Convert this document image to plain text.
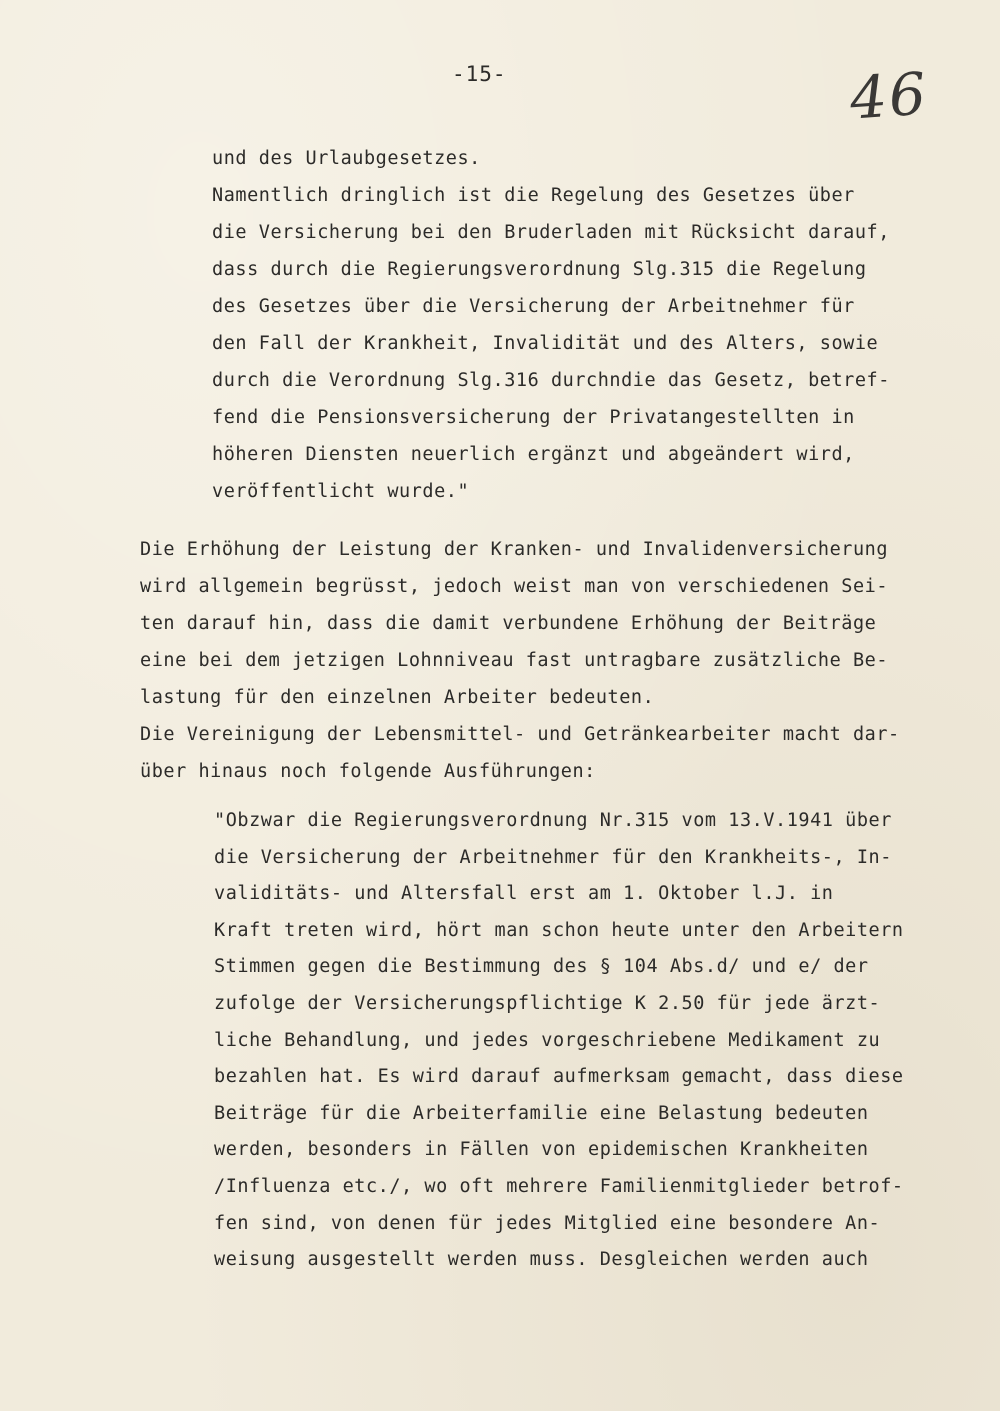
-15-	46
und des Urlaubgesetzes.
Namentlich dringlich ist die Regelung des Gesetzes über
die Versicherung bei den Bruderladen mit Rücksicht darauf,
dass durch die Regierungsverordnung Slg.315 die Regelung
des Gesetzes über die Versicherung der Arbeitnehmer für
den Fall der Krankheit, Invalidität und des Alters, sowie
durch die Verordnung Slg.316 durchndie das Gesetz, betref-
fend die Pensionsversicherung der Privatangestellten in
höheren Diensten neuerlich ergänzt und abgeändert wird,
veröffentlicht wurde."
Die Erhöhung der Leistung der Kranken- und Invalidenversicherung
wird allgemein begrüsst, jedoch weist man von verschiedenen Sei-
ten darauf hin, dass die damit verbundene Erhöhung der Beiträge
eine bei dem jetzigen Lohnniveau fast untragbare zusätzliche Be-
lastung für den einzelnen Arbeiter bedeuten.
Die Vereinigung der Lebensmittel- und Getränkearbeiter macht dar-
über hinaus noch folgende Ausführungen:
"Obzwar die Regierungsverordnung Nr.315 vom 13.V.1941 über
die Versicherung der Arbeitnehmer für den Krankheits-, In-
validitäts- und Altersfall erst am 1. Oktober l.J. in
Kraft treten wird, hört man schon heute unter den Arbeitern
Stimmen gegen die Bestimmung des § 104 Abs.d/ und e/ der
zufolge der Versicherungspflichtige K 2.50 für jede ärzt-
liche Behandlung, und jedes vorgeschriebene Medikament zu
bezahlen hat. Es wird darauf aufmerksam gemacht, dass diese
Beiträge für die Arbeiterfamilie eine Belastung bedeuten
werden, besonders in Fällen von epidemischen Krankheiten
/Influenza etc./, wo oft mehrere Familienmitglieder betrof-
fen sind, von denen für jedes Mitglied eine besondere An-
weisung ausgestellt werden muss. Desgleichen werden auch
